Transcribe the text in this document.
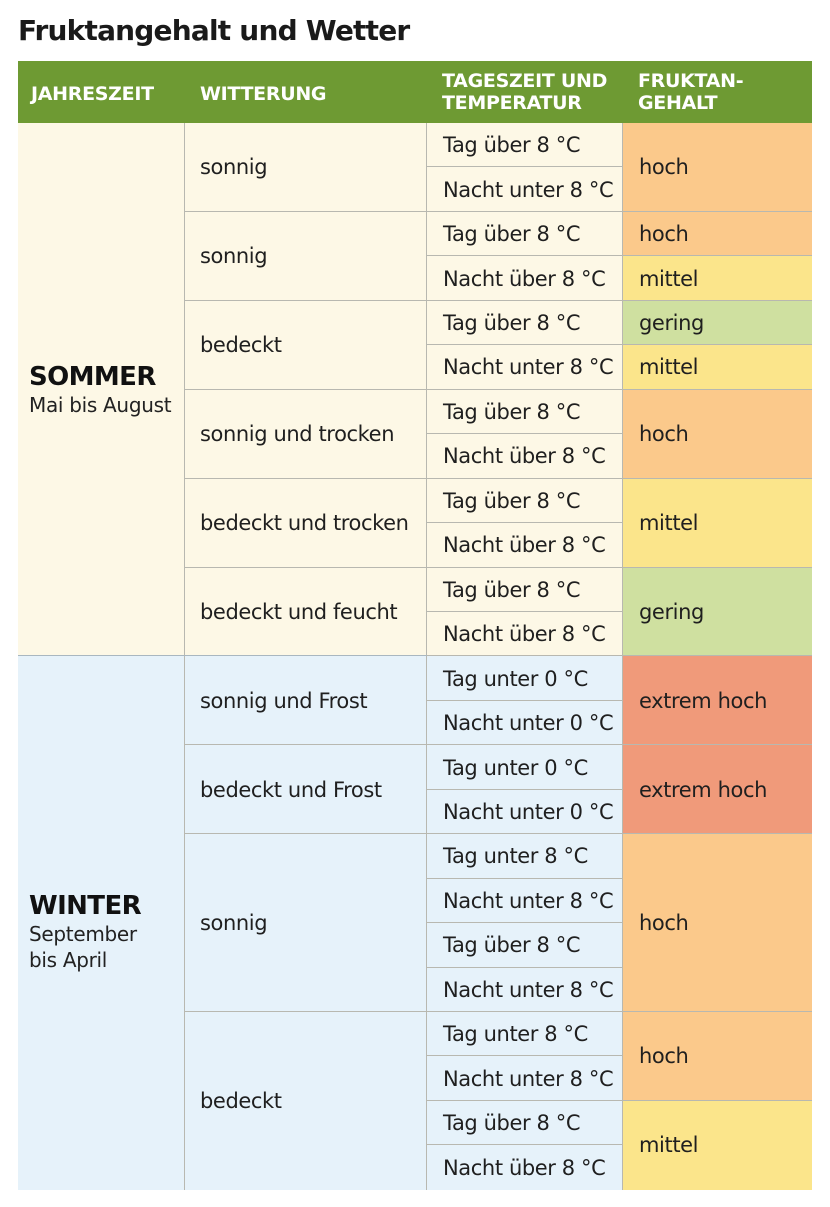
Fruktangehalt und Wetter
JAHRESZEIT WITTERUNG
TAGESZEIT UND
TEMPERATUR
FRUKTAN-
GEHALT
SOMMER
Mai bis August
WINTER
September
bis April
sonnig
sonnig
bedeckt
sonnig und trocken
bedeckt und trocken
bedeckt und feucht
sonnig und Frost
bedeckt und Frost
sonnig
bedeckt
Tag über 8 °C
Nacht unter 8 °C
Tag über 8 °C
Nacht über 8 °C
Tag über 8 °C
Nacht unter 8 °C
Tag über 8 °C
Nacht über 8 °C
Tag über 8 °C
Nacht über 8 °C
Tag über 8 °C
Nacht über 8 °C
Tag unter 0 °C
Nacht unter 0 °C
Tag unter 0 °C
Nacht unter 0 °C
Tag unter 8 °C
Nacht unter 8 °C
Tag über 8 °C
Nacht unter 8 °C
Tag unter 8 °C
Nacht unter 8 °C
Tag über 8 °C
Nacht über 8 °C
hoch
hoch
mittel
gering
mittel
hoch
mittel
gering
extrem hoch
extrem hoch
hoch
hoch
mittel
